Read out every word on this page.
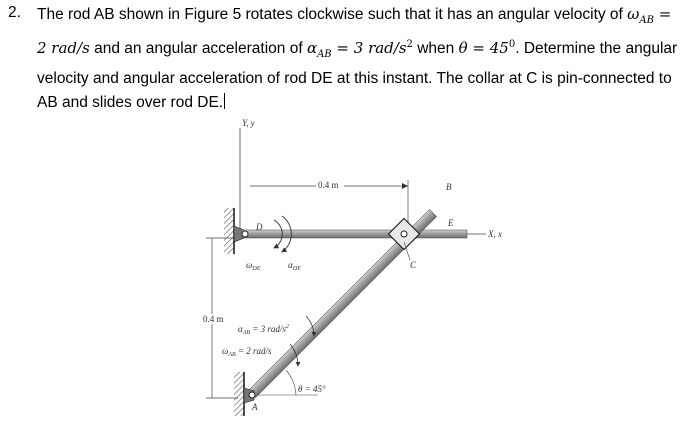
2. The rod AB shown in Figure 5 rotates clockwise such that it has an angular velocity of $\omega_{AB}$ =
2 rad/s and an angular acceleration of $\alpha_{AB} = 3$ rad/$s^2$ when $\theta = 45^0$. Determine the angular velocity and angular acceleration of rod DE at this instant. The collar at C is pin-connected to AB and slides over rod DE.
Y, y
D	E
X, x
$\omega_{DE}$	$\alpha_{DE}$
0.4 m
0.4 m
B
C
A
θ = 45°
$\alpha_{AB} = 3$ rad/$s^2$
$\omega_{AB} = 2$ rad/s
